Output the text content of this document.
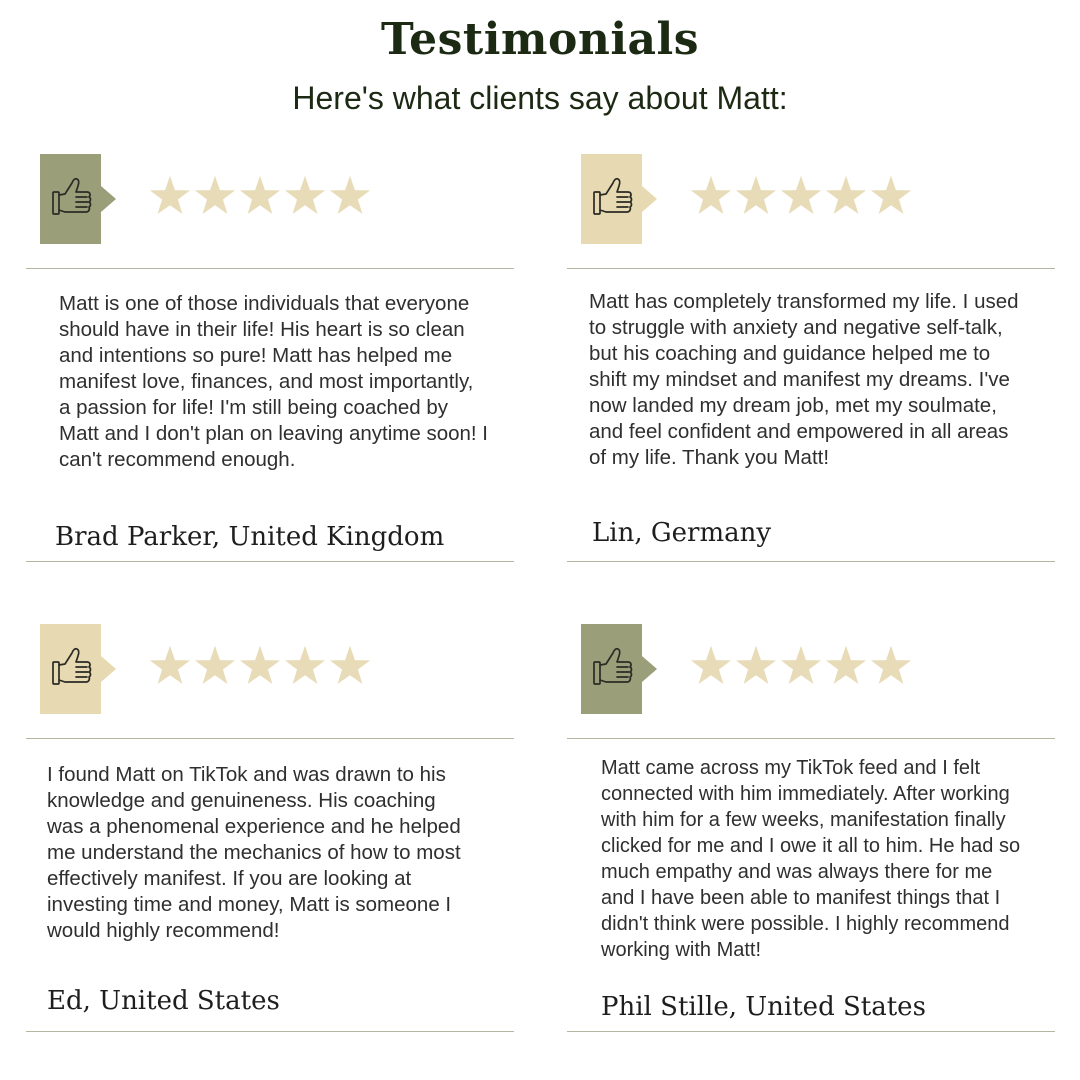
Testimonials

Here's what clients say about Matt:

Matt is one of those individuals that everyone should have in their life! His heart is so clean and intentions so pure! Matt has helped me manifest love, finances, and most importantly, a passion for life! I'm still being coached by Matt and I don't plan on leaving anytime soon! I can't recommend enough.

Brad Parker, United Kingdom

Matt has completely transformed my life. I used to struggle with anxiety and negative self-talk, but his coaching and guidance helped me to shift my mindset and manifest my dreams. I've now landed my dream job, met my soulmate, and feel confident and empowered in all areas of my life. Thank you Matt!

Lin, Germany

I found Matt on TikTok and was drawn to his knowledge and genuineness. His coaching was a phenomenal experience and he helped me understand the mechanics of how to most effectively manifest. If you are looking at investing time and money, Matt is someone I would highly recommend!

Ed, United States

Matt came across my TikTok feed and I felt connected with him immediately. After working with him for a few weeks, manifestation finally clicked for me and I owe it all to him. He had so much empathy and was always there for me and I have been able to manifest things that I didn't think were possible. I highly recommend working with Matt!

Phil Stille, United States
